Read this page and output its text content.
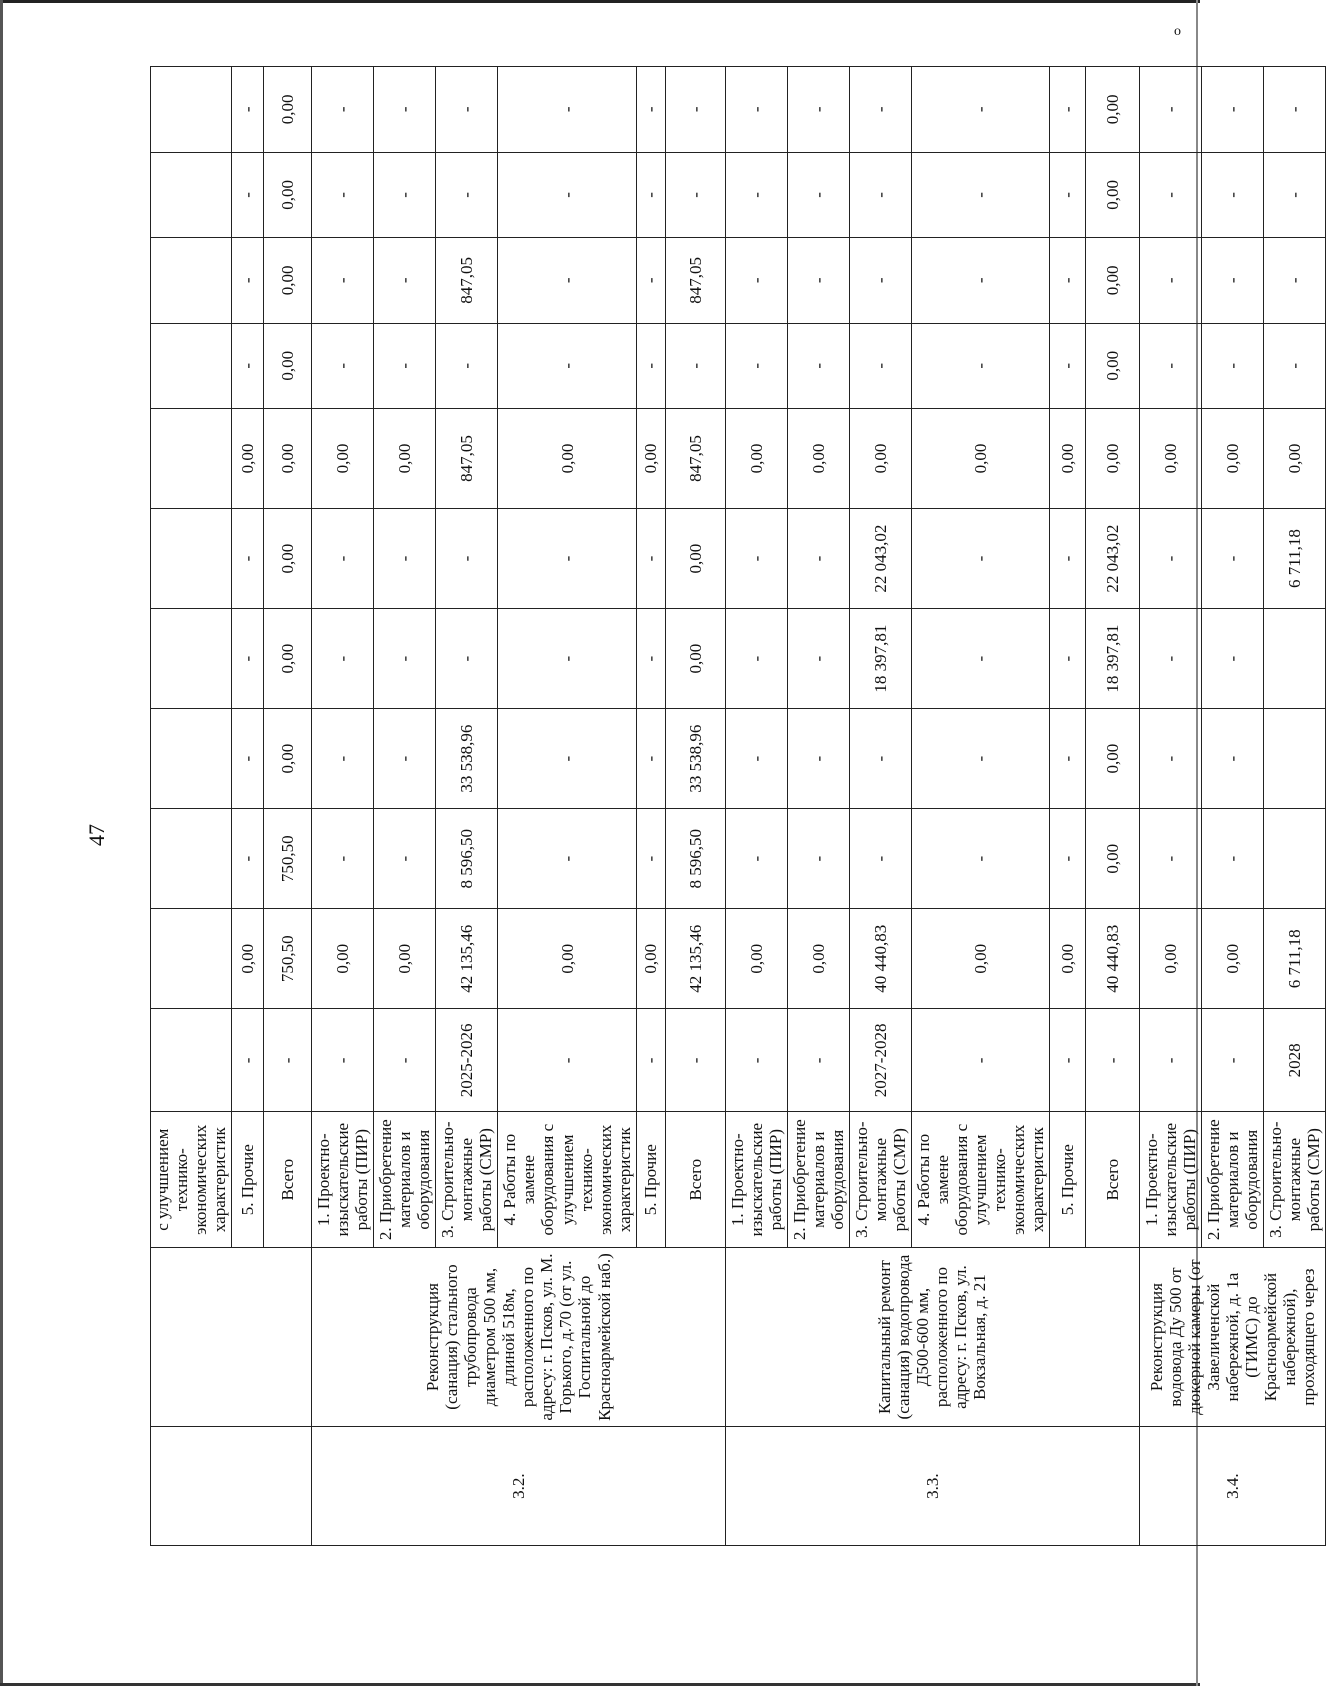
о
47
		с улучшением технико-экономических характеристик											
		5. Прочие	-	0,00	-	-	-	-	0,00	-	-	-	-
		Всего	-	750,50	750,50	0,00	0,00	0,00	0,00	0,00	0,00	0,00	0,00
3.2.	Реконструкция (санация) стального трубопровода диаметром 500 мм, длиной 518м, расположенного по адресу: г. Псков, ул. М. Горького, д.70 (от ул. Госпитальной до Красноармейской наб.)	1. Проектно-изыскательские работы (ПИР)	-	0,00	-	-	-	-	0,00	-	-	-	-
		2. Приобретение материалов и оборудования	-	0,00	-	-	-	-	0,00	-	-	-	-
		3. Строительно-монтажные работы (СМР)	2025-2026	42 135,46	8 596,50	33 538,96	-	-	847,05	-	847,05	-	-
		4. Работы по замене оборудования с улучшением технико-экономических характеристик	-	0,00	-	-	-	-	0,00	-	-	-	-
		5. Прочие	-	0,00	-	-	-	-	0,00	-	-	-	-
		Всего	-	42 135,46	8 596,50	33 538,96	0,00	0,00	847,05	-	847,05	-	-
3.3.	Капитальный ремонт (санация) водопровода Д500-600 мм, расположенного по адресу: г. Псков, ул. Вокзальная, д. 21	1. Проектно-изыскательские работы (ПИР)	-	0,00	-	-	-	-	0,00	-	-	-	-
		2. Приобретение материалов и оборудования	-	0,00	-	-	-	-	0,00	-	-	-	-
		3. Строительно-монтажные работы (СМР)	2027-2028	40 440,83	-	-	18 397,81	22 043,02	0,00	-	-	-	-
		4. Работы по замене оборудования с улучшением технико-экономических характеристик	-	0,00	-	-	-	-	0,00	-	-	-	-
		5. Прочие	-	0,00	-	-	-	-	0,00	-	-	-	-
		Всего	-	40 440,83	0,00	0,00	18 397,81	22 043,02	0,00	0,00	0,00	0,00	0,00
3.4.	Реконструкция водовода Ду 500 от дюкерной камеры (от Завеличенской набережной, д. 1а (ГИМС) до Красноармейской набережной), проходящего через	1. Проектно-изыскательские работы (ПИР)	-	0,00	-	-	-	-	0,00	-	-	-	-
		2. Приобретение материалов и оборудования	-	0,00	-	-	-	-	0,00	-	-	-	-
		3. Строительно-монтажные работы (СМР)	2028	6 711,18				6 711,18	0,00	-	-	-	-
